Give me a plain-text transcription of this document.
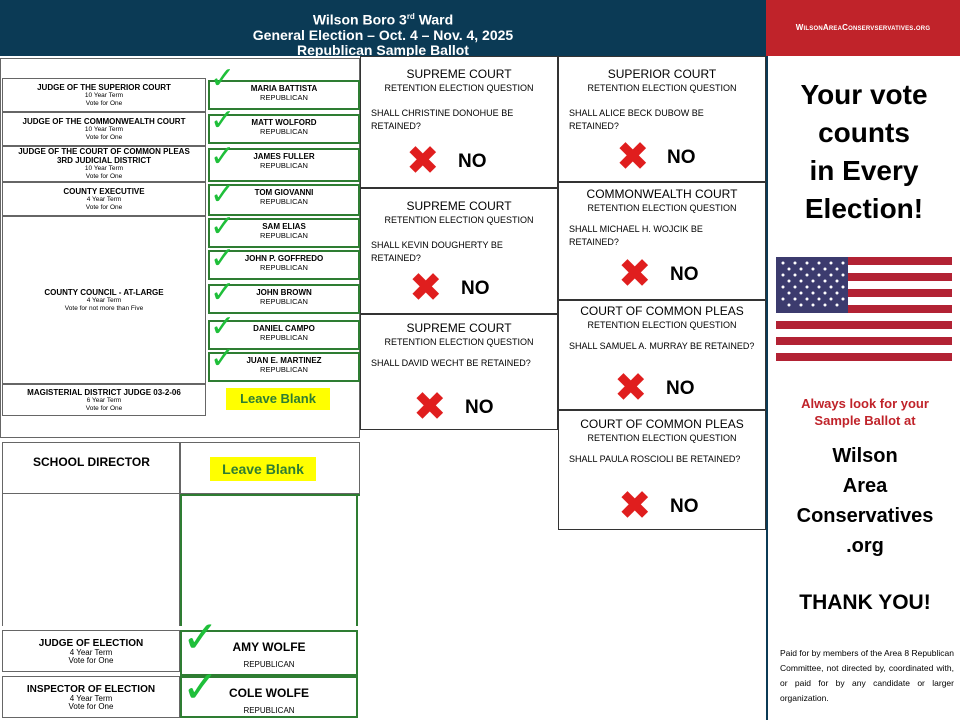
Wilson Boro 3rd Ward
General Election – Oct. 4 – Nov. 4, 2025
Republican Sample Ballot
WilsonAreaConservservatives.org
JUDGE OF THE SUPERIOR COURT
10 Year Term
Vote for One
JUDGE OF THE COMMONWEALTH COURT
10 Year Term
Vote for One
JUDGE OF THE COURT OF COMMON PLEAS
3RD JUDICIAL DISTRICT
10 Year Term
Vote for One
COUNTY EXECUTIVE
4 Year Term
Vote for One
COUNTY COUNCIL - AT-LARGE
4 Year Term
Vote for not more than Five
MAGISTERIAL DISTRICT JUDGE 03-2-06
6 Year Term
Vote for One
MARIA BATTISTA
REPUBLICAN
MATT WOLFORD
REPUBLICAN
JAMES FULLER
REPUBLICAN
TOM GIOVANNI
REPUBLICAN
SAM ELIAS
REPUBLICAN
JOHN P. GOFFREDO
REPUBLICAN
JOHN BROWN
REPUBLICAN
DANIEL CAMPO
REPUBLICAN
JUAN E. MARTINEZ
REPUBLICAN
✓
✓
✓
✓
✓
✓
✓
✓
✓
Leave Blank
SCHOOL DIRECTOR	Leave Blank
JUDGE OF ELECTION
4 Year Term
Vote for One
AMY WOLFE
REPUBLICAN
✓
INSPECTOR OF ELECTION
4 Year Term
Vote for One
COLE WOLFE
REPUBLICAN
✓
SUPREME COURT
RETENTION ELECTION QUESTION
SHALL CHRISTINE DONOHUE BE RETAINED?
✖ NO
SUPREME COURT
RETENTION ELECTION QUESTION
SHALL KEVIN DOUGHERTY BE RETAINED?
✖ NO
SUPREME COURT
RETENTION ELECTION QUESTION
SHALL DAVID WECHT BE RETAINED?
✖ NO
SUPERIOR COURT
RETENTION ELECTION QUESTION
SHALL ALICE BECK DUBOW BE RETAINED?
✖ NO
COMMONWEALTH COURT
RETENTION ELECTION QUESTION
SHALL MICHAEL H. WOJCIK BE RETAINED?
✖ NO
COURT OF COMMON PLEAS
RETENTION ELECTION QUESTION
SHALL SAMUEL A. MURRAY BE RETAINED?
✖ NO
COURT OF COMMON PLEAS
RETENTION ELECTION QUESTION
SHALL PAULA ROSCIOLI BE RETAINED?
✖ NO
Your vote
counts
in Every
Election!
Always look for your
Sample Ballot at
Wilson
Area
Conservatives
.org
THANK YOU!
Paid for by members of the Area 8 Republican Committee, not directed by, coordinated with, or paid for by any candidate or larger organization.
